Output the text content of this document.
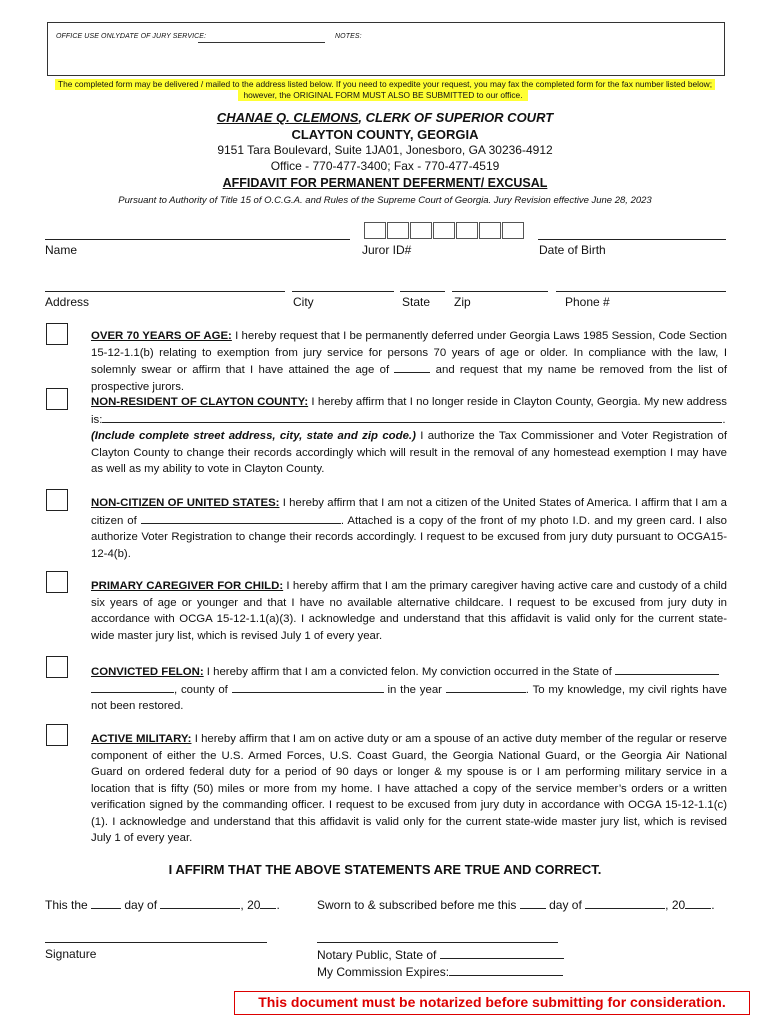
OFFICE USE ONLY:
DATE OF JURY SERVICE:	NOTES:
The completed form may be delivered / mailed to the address listed below. If you need to expedite your request, you may fax the completed form for the fax number listed below;
however, the ORIGINAL FORM MUST ALSO BE SUBMITTED to our office.
CHANAE Q. CLEMONS, CLERK OF SUPERIOR COURT
CLAYTON COUNTY, GEORGIA
9151 Tara Boulevard, Suite 1JA01, Jonesboro, GA 30236-4912
Office - 770-477-3400; Fax - 770-477-4519
AFFIDAVIT FOR PERMANENT DEFERMENT/ EXCUSAL
Pursuant to Authority of Title 15 of O.C.G.A. and Rules of the Supreme Court of Georgia. Jury Revision effective June 28, 2023
Name	Juror ID#	Date of Birth
Address	City	State Zip	Phone #
OVER 70 YEARS OF AGE: I hereby request that I be permanently deferred under Georgia Laws 1985 Session, Code Section 15-12-1.1(b) relating to exemption from jury service for persons 70 years of age or older. In compliance with the law, I solemnly swear or affirm that I have attained the age of	and request that my name be removed from the list of prospective jurors.
NON-RESIDENT OF CLAYTON COUNTY: I hereby affirm that I no longer reside in Clayton County, Georgia. My new address is:	.
(Include complete street address, city, state and zip code.) I authorize the Tax Commissioner and Voter Registration of Clayton County to change their records accordingly which will result in the removal of any homestead exemption I may have as well as my ability to vote in Clayton County.
NON-CITIZEN OF UNITED STATES: I hereby affirm that I am not a citizen of the United States of America. I affirm that I am a citizen of	. Attached is a copy of the front of my photo I.D. and my green card. I also authorize Voter Registration to change their records accordingly. I request to be excused from jury duty pursuant to OCGA15-12-4(b).
PRIMARY CAREGIVER FOR CHILD: I hereby affirm that I am the primary caregiver having active care and custody of a child six years of age or younger and that I have no available alternative childcare. I request to be excused from jury duty in accordance with OCGA 15-12-1.1(a)(3). I acknowledge and understand that this affidavit is valid only for the current state-wide master jury list, which is revised July 1 of every year.
CONVICTED FELON: I hereby affirm that I am a convicted felon. My conviction occurred in the State of
, county of	in the year	. To my knowledge, my civil rights have not been restored.
ACTIVE MILITARY: I hereby affirm that I am on active duty or am a spouse of an active duty member of the regular or reserve component of either the U.S. Armed Forces, U.S. Coast Guard, the Georgia National Guard, or the Georgia Air National Guard on ordered federal duty for a period of 90 days or longer & my spouse is or I am performing military service in a location that is fifty (50) miles or more from my home. I have attached a copy of the service member’s orders or a written verification signed by the commanding officer. I request to be excused from jury duty in accordance with OCGA 15-12-1.1(c)(1). I acknowledge and understand that this affidavit is valid only for the current state-wide master jury list, which is revised July 1 of every year.
I AFFIRM THAT THE ABOVE STATEMENTS ARE TRUE AND CORRECT.
This the	day of	, 20 .	Sworn to & subscribed before me this	day of	, 20 .
Signature	Notary Public, State of
My Commission Expires:
This document must be notarized before submitting for consideration.
